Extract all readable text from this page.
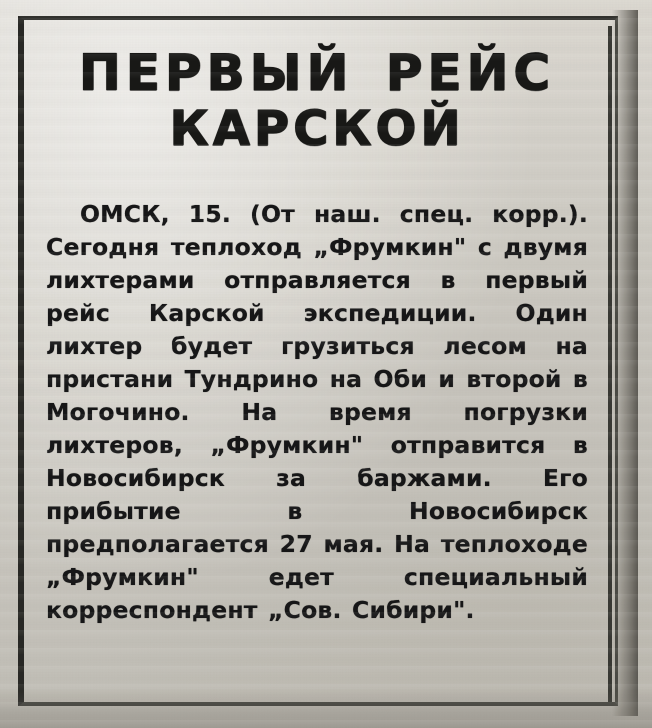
ПЕРВЫЙ РЕЙС
КАРСКОЙ

ОМСК, 15. (От наш. спец. корр.). Сегодня теплоход „Фрумкин" с двумя лихтерами отправляется в первый рейс Карской экспедиции. Один лихтер будет грузиться лесом на пристани Тундрино на Оби и второй в Могочино. На время погрузки лихтеров, „Фрумкин" отправится в Новосибирск за баржами. Его прибытие в Новосибирск предполагается 27 мая. На теплоходе „Фрумкин" едет специальный корреспондент „Сов. Сибири".
